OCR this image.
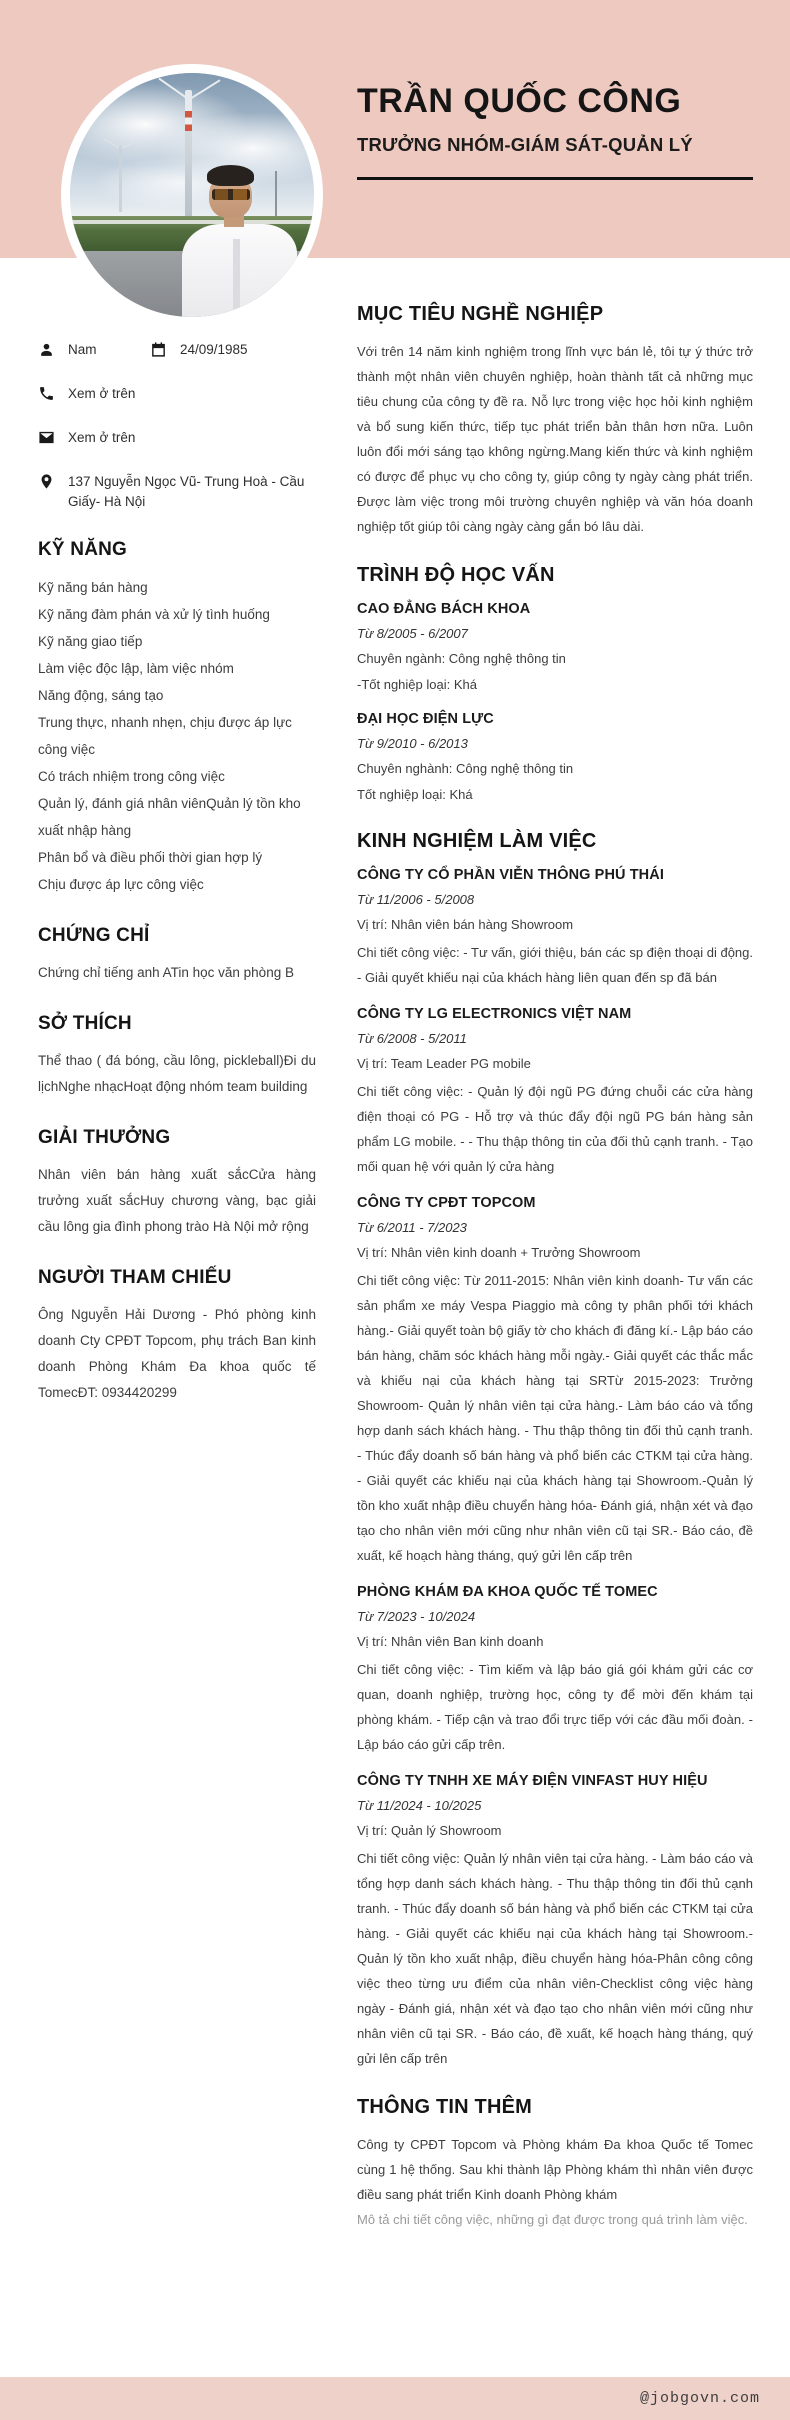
TRẦN QUỐC CÔNG
TRƯỞNG NHÓM-GIÁM SÁT-QUẢN LÝ
Nam	24/09/1985
Xem ở trên
Xem ở trên
137 Nguyễn Ngọc Vũ- Trung Hoà - Cầu Giấy- Hà Nội
KỸ NĂNG
Kỹ năng bán hàng
Kỹ năng đàm phán và xử lý tình huống
Kỹ năng giao tiếp
Làm việc độc lập, làm việc nhóm
Năng động, sáng tạo
Trung thực, nhanh nhẹn, chịu được áp lực công việc
Có trách nhiệm trong công việc
Quản lý, đánh giá nhân viênQuản lý tồn kho xuất nhập hàng
Phân bổ và điều phối thời gian hợp lý
Chịu được áp lực công việc
CHỨNG CHỈ
Chứng chỉ tiếng anh ATin học văn phòng B
SỞ THÍCH
Thể thao ( đá bóng, cầu lông, pickleball)Đi du lịchNghe nhạcHoạt động nhóm team building
GIẢI THƯỞNG
Nhân viên bán hàng xuất sắcCửa hàng trưởng xuất sắcHuy chương vàng, bạc giải cầu lông gia đình phong trào Hà Nội mở rộng
NGƯỜI THAM CHIẾU
Ông Nguyễn Hải Dương - Phó phòng kinh doanh Cty CPĐT Topcom, phụ trách Ban kinh doanh Phòng Khám Đa khoa quốc tế TomecĐT: 0934420299
MỤC TIÊU NGHỀ NGHIỆP

Với trên 14 năm kinh nghiệm trong lĩnh vực bán lẻ, tôi tự ý thức trở thành một nhân viên chuyên nghiệp, hoàn thành tất cả những mục tiêu chung của công ty đề ra. Nỗ lực trong việc học hỏi kinh nghiệm và bổ sung kiến thức, tiếp tục phát triển bản thân hơn nữa. Luôn luôn đổi mới sáng tạo không ngừng.Mang kiến thức và kinh nghiệm có được để phục vụ cho công ty, giúp công ty ngày càng phát triển. Được làm việc trong môi trường chuyên nghiệp và văn hóa doanh nghiệp tốt giúp tôi càng ngày càng gắn bó lâu dài.

TRÌNH ĐỘ HỌC VẤN
CAO ĐẲNG BÁCH KHOA
Từ 8/2005 - 6/2007
Chuyên ngành: Công nghệ thông tin
-Tốt nghiệp loại: Khá
ĐẠI HỌC ĐIỆN LỰC
Từ 9/2010 - 6/2013
Chuyên nghành: Công nghệ thông tin
Tốt nghiệp loại: Khá
KINH NGHIỆM LÀM VIỆC
CÔNG TY CỔ PHẦN VIỄN THÔNG PHÚ THÁI
Từ 11/2006 - 5/2008
Vị trí: Nhân viên bán hàng Showroom
Chi tiết công việc: - Tư vấn, giới thiệu, bán các sp điện thoại di động. - Giải quyết khiếu nại của khách hàng liên quan đến sp đã bán
CÔNG TY LG ELECTRONICS VIỆT NAM
Từ 6/2008 - 5/2011
Vị trí: Team Leader PG mobile
Chi tiết công việc: - Quản lý đội ngũ PG đứng chuỗi các cửa hàng điện thoại có PG - Hỗ trợ và thúc đẩy đội ngũ PG bán hàng sản phẩm LG mobile. - - Thu thập thông tin của đối thủ cạnh tranh. - Tạo mối quan hệ với quản lý cửa hàng
CÔNG TY CPĐT TOPCOM
Từ 6/2011 - 7/2023
Vị trí: Nhân viên kinh doanh + Trưởng Showroom
Chi tiết công việc: Từ 2011-2015: Nhân viên kinh doanh- Tư vấn các sản phẩm xe máy Vespa Piaggio mà công ty phân phối tới khách hàng.- Giải quyết toàn bộ giấy tờ cho khách đi đăng kí.- Lập báo cáo bán hàng, chăm sóc khách hàng mỗi ngày.- Giải quyết các thắc mắc và khiếu nại của khách hàng tại SRTừ 2015-2023: Trưởng Showroom- Quản lý nhân viên tại cửa hàng.- Làm báo cáo và tổng hợp danh sách khách hàng. - Thu thập thông tin đối thủ cạnh tranh. - Thúc đẩy doanh số bán hàng và phổ biến các CTKM tại cửa hàng. - Giải quyết các khiếu nại của khách hàng tại Showroom.-Quản lý tồn kho xuất nhập điều chuyển hàng hóa- Đánh giá, nhận xét và đạo tạo cho nhân viên mới cũng như nhân viên cũ tại SR.- Báo cáo, đề xuất, kế hoạch hàng tháng, quý gửi lên cấp trên
PHÒNG KHÁM ĐA KHOA QUỐC TẾ TOMEC
Từ 7/2023 - 10/2024
Vị trí: Nhân viên Ban kinh doanh
Chi tiết công việc: - Tìm kiếm và lập báo giá gói khám gửi các cơ quan, doanh nghiệp, trường học, công ty để mời đến khám tại phòng khám. - Tiếp cận và trao đổi trực tiếp với các đầu mối đoàn. - Lập báo cáo gửi cấp trên.
CÔNG TY TNHH XE MÁY ĐIỆN VINFAST HUY HIỆU
Từ 11/2024 - 10/2025
Vị trí: Quản lý Showroom
Chi tiết công việc: Quản lý nhân viên tại cửa hàng. - Làm báo cáo và tổng hợp danh sách khách hàng. - Thu thập thông tin đối thủ cạnh tranh. - Thúc đẩy doanh số bán hàng và phổ biến các CTKM tại cửa hàng. - Giải quyết các khiếu nại của khách hàng tại Showroom.-Quản lý tồn kho xuất nhập, điều chuyển hàng hóa-Phân công công việc theo từng ưu điểm của nhân viên-Checklist công việc hàng ngày - Đánh giá, nhận xét và đạo tạo cho nhân viên mới cũng như nhân viên cũ tại SR. - Báo cáo, đề xuất, kế hoạch hàng tháng, quý gửi lên cấp trên
THÔNG TIN THÊM

Công ty CPĐT Topcom và Phòng khám Đa khoa Quốc tế Tomec cùng 1 hệ thống. Sau khi thành lập Phòng khám thì nhân viên được điều sang phát triển Kinh doanh Phòng khám

Mô tả chi tiết công việc, những gì đạt được trong quá trình làm việc.

@jobgovn.com
